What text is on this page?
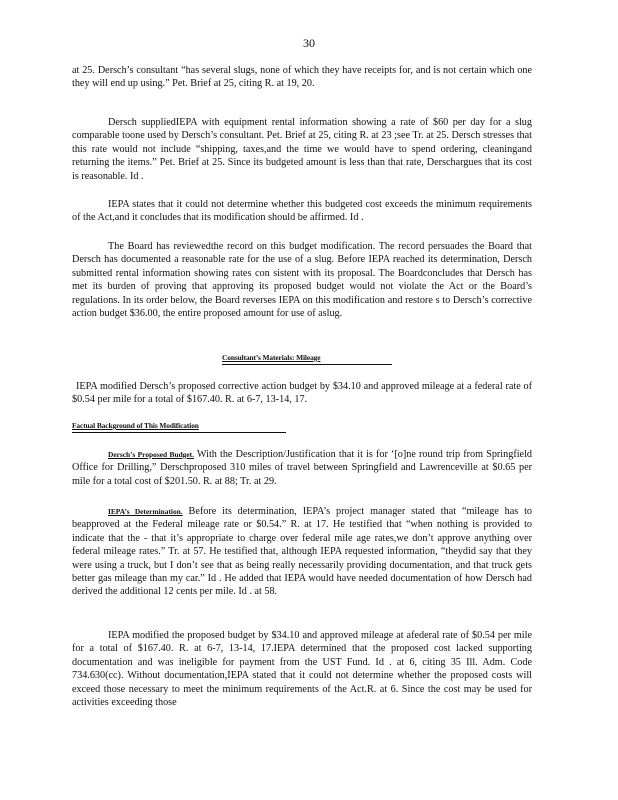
30

at 25. Dersch’s consultant “has several slugs, none of which they have receipts for, and is not certain which one they will end up using.” Pet. Brief at 25, citing R. at 19, 20.

Dersch suppliedIEPA with equipment rental information showing a rate of $60 per day for a slug comparable toone used by Dersch’s consultant. Pet. Brief at 25, citing R. at 23 ;see Tr. at 25. Dersch stresses that this rate would not include “shipping, taxes,and the time we would have to spend ordering, cleaningand returning the items.” Pet. Brief at 25. Since its budgeted amount is less than that rate, Derschargues that its cost is reasonable. Id .

IEPA states that it could not determine whether this budgeted cost exceeds the minimum requirements of the Act,and it concludes that its modification should be affirmed. Id .

The Board has reviewedthe record on this budget modification. The record persuades the Board that Dersch has documented a reasonable rate for the use of a slug. Before IEPA reached its determination, Dersch submitted rental information showing rates con sistent with its proposal. The Boardconcludes that Dersch has met its burden of proving that approving its proposed budget would not violate the Act or the Board’s regulations. In its order below, the Board reverses IEPA on this modification and restore s to Dersch’s corrective action budget $36.00, the entire proposed amount for use of aslug.

Consultant’s Materials: Mileage

IEPA modified Dersch’s proposed corrective action budget by $34.10 and approved mileage at a federal rate of $0.54 per mile for a total of $167.40. R. at 6-7, 13-14, 17.

Factual Background of This Modification

Dersch’s Proposed Budget. With the Description/Justification that it is for ‘[o]ne round trip from Springfield Office for Drilling,” Derschproposed 310 miles of travel between Springfield and Lawrenceville at $0.65 per mile for a total cost of $201.50. R. at 88; Tr. at 29.

IEPA’s Determination. Before its determination, IEPA’s project manager stated that “mileage has to beapproved at the Federal mileage rate or $0.54.” R. at 17. He testified that “when nothing is provided to indicate that the - that it’s appropriate to charge over federal mile age rates,we don’t approve anything over federal mileage rates.” Tr. at 57. He testified that, although IEPA requested information, “theydid say that they were using a truck, but I don’t see that as being really necessarily providing documentation, and that truck gets better gas mileage than my car.” Id . He added that IEPA would have needed documentation of how Dersch had derived the additional 12 cents per mile. Id . at 58.

IEPA modified the proposed budget by $34.10 and approved mileage at afederal rate of $0.54 per mile for a total of $167.40. R. at 6-7, 13-14, 17.IEPA determined that the proposed cost lacked supporting documentation and was ineligible for payment from the UST Fund. Id . at 6, citing 35 Ill. Adm. Code 734.630(cc). Without documentation,IEPA stated that it could not determine whether the proposed costs will exceed those necessary to meet the minimum requirements of the Act.R. at 6. Since the cost may be used for activities exceeding those
